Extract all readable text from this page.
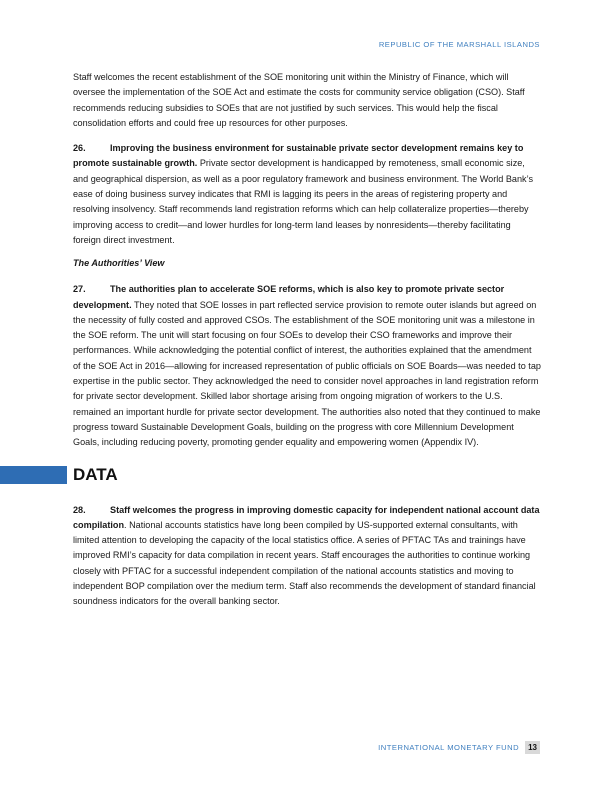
REPUBLIC OF THE MARSHALL ISLANDS

Staff welcomes the recent establishment of the SOE monitoring unit within the Ministry of Finance, which will oversee the implementation of the SOE Act and estimate the costs for community service obligation (CSO). Staff recommends reducing subsidies to SOEs that are not justified by such services. This would help the fiscal consolidation efforts and could free up resources for other purposes.

26.	Improving the business environment for sustainable private sector development remains key to promote sustainable growth. Private sector development is handicapped by remoteness, small economic size, and geographical dispersion, as well as a poor regulatory framework and business environment. The World Bank’s ease of doing business survey indicates that RMI is lagging its peers in the areas of registering property and resolving insolvency. Staff recommends land registration reforms which can help collateralize properties—thereby improving access to credit—and lower hurdles for long-term land leases by nonresidents—thereby facilitating foreign direct investment.

The Authorities’ View

27.	The authorities plan to accelerate SOE reforms, which is also key to promote private sector development. They noted that SOE losses in part reflected service provision to remote outer islands but agreed on the necessity of fully costed and approved CSOs. The establishment of the SOE monitoring unit was a milestone in the SOE reform. The unit will start focusing on four SOEs to develop their CSO frameworks and improve their performances. While acknowledging the potential conflict of interest, the authorities explained that the amendment of the SOE Act in 2016—allowing for increased representation of public officials on SOE Boards—was needed to tap expertise in the public sector. They acknowledged the need to consider novel approaches in land registration reform for private sector development. Skilled labor shortage arising from ongoing migration of workers to the U.S. remained an important hurdle for private sector development. The authorities also noted that they continued to make progress toward Sustainable Development Goals, building on the progress with core Millennium Development Goals, including reducing poverty, promoting gender equality and empowering women (Appendix IV).

DATA

28.	Staff welcomes the progress in improving domestic capacity for independent national account data compilation. National accounts statistics have long been compiled by US-supported external consultants, with limited attention to developing the capacity of the local statistics office. A series of PFTAC TAs and trainings have improved RMI’s capacity for data compilation in recent years. Staff encourages the authorities to continue working closely with PFTAC for a successful independent compilation of the national accounts statistics and moving to independent BOP compilation over the medium term. Staff also recommends the development of standard financial soundness indicators for the overall banking sector.

INTERNATIONAL MONETARY FUND	13
